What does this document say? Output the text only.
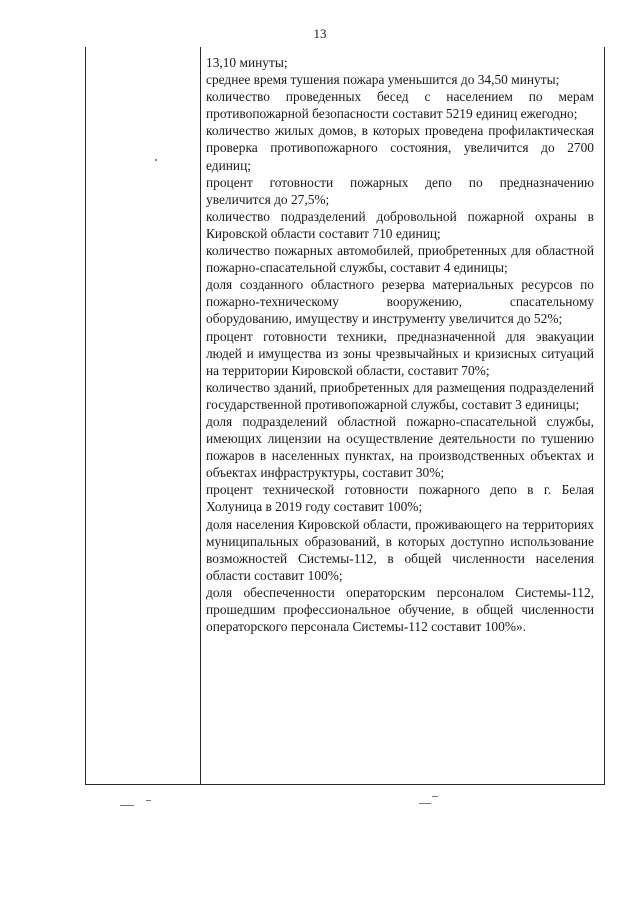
13

13,10 минуты;

среднее время тушения пожара уменьшится до 34,50 минуты;

количество проведенных бесед с населением по мерам противопожарной безопасности составит 5219 единиц ежегодно;

количество жилых домов, в которых проведена профилактическая проверка противопожарного состояния, увеличится до 2700 единиц;

процент готовности пожарных депо по предназначению увеличится до 27,5%;

количество подразделений добровольной пожарной охраны в Кировской области составит 710 единиц;

количество пожарных автомобилей, приобретенных для областной пожарно-спасательной службы, составит 4 единицы;

доля созданного областного резерва материальных ресурсов по пожарно-техническому вооружению, спасательному оборудованию, имуществу и инструменту увеличится до 52%;

процент готовности техники, предназначенной для эвакуации людей и имущества из зоны чрезвычайных и кризисных ситуаций на территории Кировской области, составит 70%;

количество зданий, приобретенных для размещения подразделений государственной противопожарной службы, составит 3 единицы;

доля подразделений областной пожарно-спасательной службы, имеющих лицензии на осуществление деятельности по тушению пожаров в населенных пунктах, на производственных объектах и объектах инфраструктуры, составит 30%;

процент технической готовности пожарного депо в г. Белая Холуница в 2019 году составит 100%;

доля населения Кировской области, проживающего на территориях муниципальных образований, в которых доступно использование возможностей Системы-112, в общей численности населения области составит 100%;

доля обеспеченности операторским персоналом Системы-112, прошедшим профессиональное обучение, в общей численности операторского персонала Системы-112 составит 100%».
